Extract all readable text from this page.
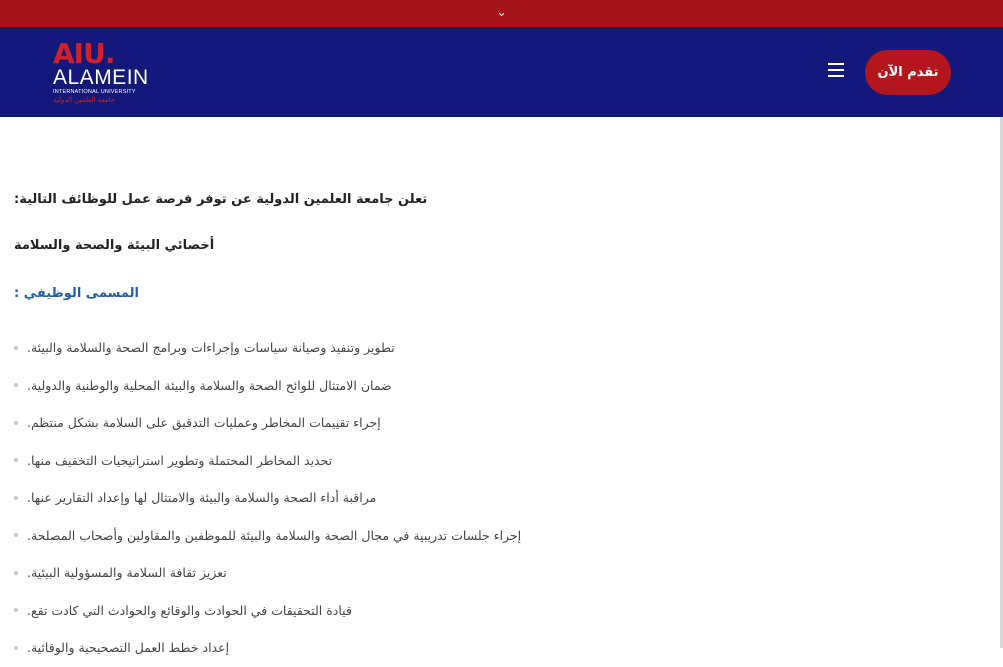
⌄
AIU.
ALAMEIN
INTERNATIONAL UNIVERSITY
جامعة العلمين الدولية
تقدم الآن
تعلن جامعة العلمين الدولية عن توفر فرصة عمل للوظائف التالية:
أخصائي البيئة والصحة والسلامة
المسمى الوظيفي :
تطوير وتنفيذ وصيانة سياسات وإجراءات وبرامج الصحة والسلامة والبيئة.
ضمان الامتثال للوائح الصحة والسلامة والبيئة المحلية والوطنية والدولية.
إجراء تقييمات المخاطر وعمليات التدقيق على السلامة بشكل منتظم.
تحديد المخاطر المحتملة وتطوير استراتيجيات التخفيف منها.
مراقبة أداء الصحة والسلامة والبيئة والامتثال لها وإعداد التقارير عنها.
إجراء جلسات تدريبية في مجال الصحة والسلامة والبيئة للموظفين والمقاولين وأصحاب المصلحة.
تعزيز ثقافة السلامة والمسؤولية البيئية.
قيادة التحقيقات في الحوادث والوقائع والحوادث التي كادت تقع.
إعداد خطط العمل التصحيحية والوقائية.
